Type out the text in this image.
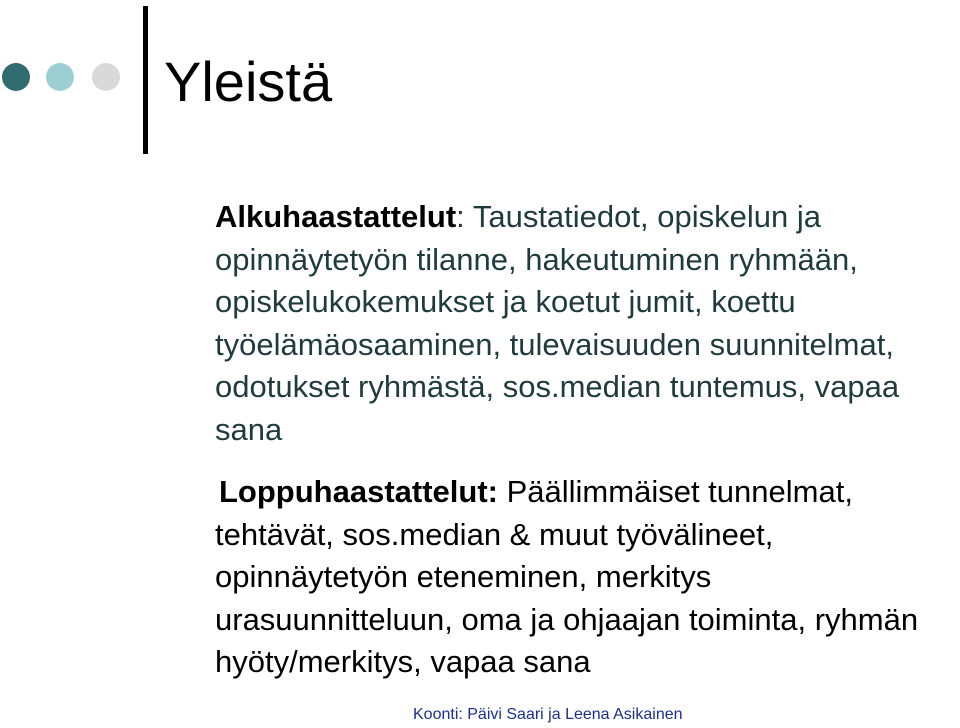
Yleistä

Alkuhaastattelut: Taustatiedot, opiskelun ja opinnäytetyön tilanne, hakeutuminen ryhmään, opiskelukokemukset ja koetut jumit, koettu työelämäosaaminen, tulevaisuuden suunnitelmat, odotukset ryhmästä, sos.median tuntemus, vapaa sana

Loppuhaastattelut: Päällimmäiset tunnelmat, tehtävät, sos.median & muut työvälineet, opinnäytetyön eteneminen, merkitys urasuunnitteluun, oma ja ohjaajan toiminta, ryhmän hyöty/merkitys, vapaa sana

Koonti: Päivi Saari ja Leena Asikainen
